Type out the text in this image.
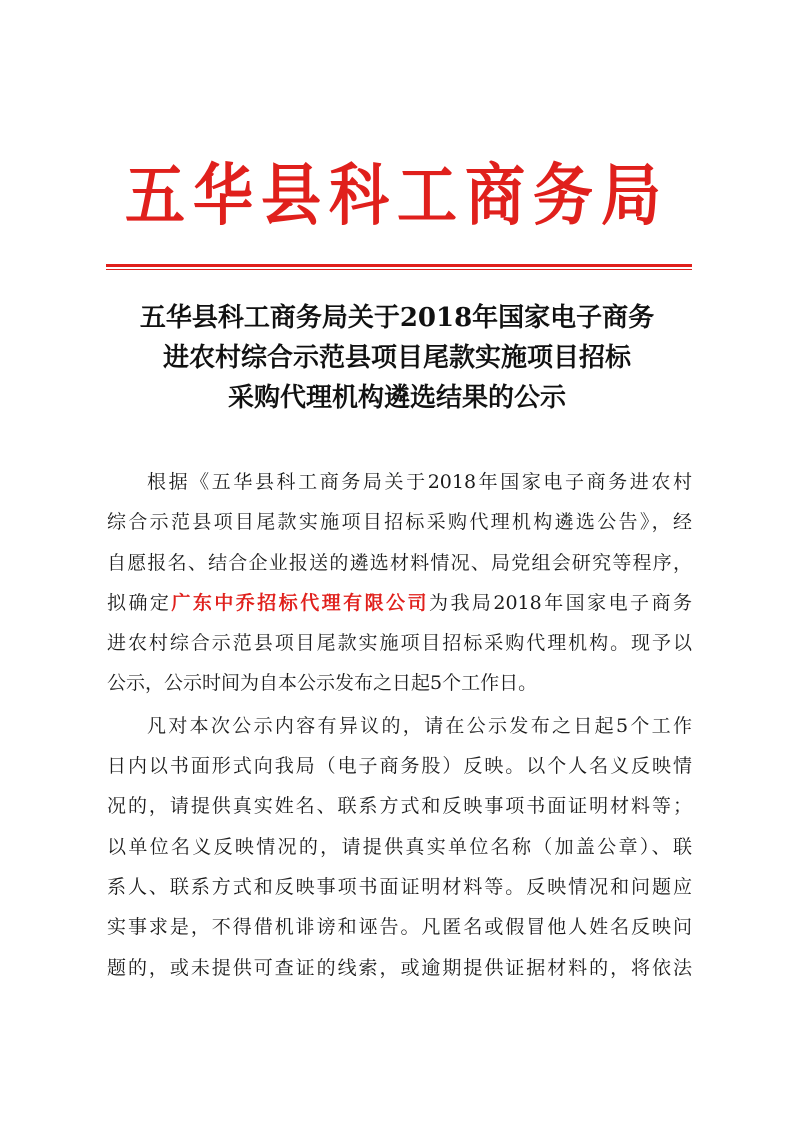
五华县科工商务局
五华县科工商务局关于2018年国家电子商务
进农村综合示范县项目尾款实施项目招标
采购代理机构遴选结果的公示
根据《五华县科工商务局关于2018年国家电子商务进农村
综合示范县项目尾款实施项目招标采购代理机构遴选公告》，经
自愿报名、结合企业报送的遴选材料情况、局党组会研究等程序，
拟确定广东中乔招标代理有限公司为我局2018年国家电子商务
进农村综合示范县项目尾款实施项目招标采购代理机构。现予以
公示，公示时间为自本公示发布之日起5个工作日。
凡对本次公示内容有异议的，请在公示发布之日起5个工作
日内以书面形式向我局（电子商务股）反映。以个人名义反映情
况的，请提供真实姓名、联系方式和反映事项书面证明材料等；
以单位名义反映情况的，请提供真实单位名称（加盖公章）、联
系人、联系方式和反映事项书面证明材料等。反映情况和问题应
实事求是，不得借机诽谤和诬告。凡匿名或假冒他人姓名反映问
题的，或未提供可查证的线索，或逾期提供证据材料的，将依法
